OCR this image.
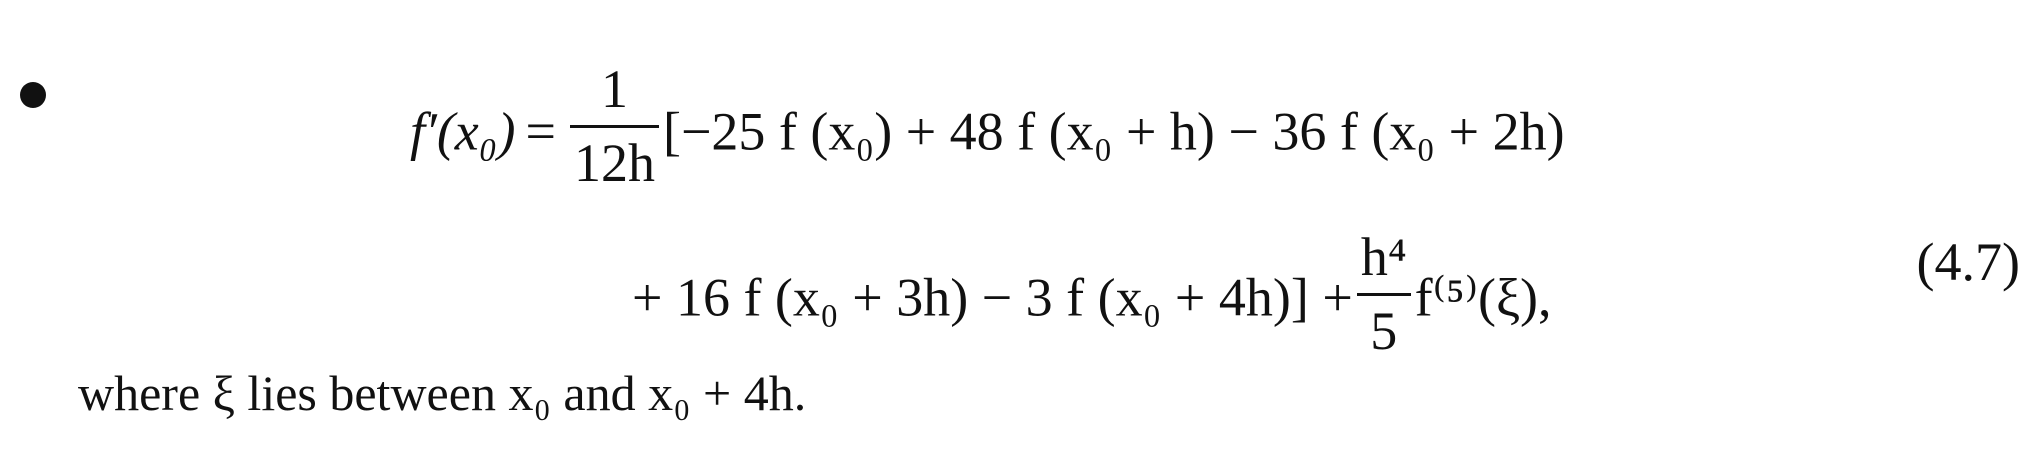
$f'(x_0) = \frac{1}{12h} [-25$ f (x₀) + 48 f (x₀ + h) − 36 f (x₀ + 2h)
+ 16 f (x₀ + 3h) − 3 f $(x_0 + 4h)] + \frac{\text{h⁴}}{5} f^{(5)}(\xi)$,
(4.7)
where ξ lies between x₀ and x₀ + 4h.
